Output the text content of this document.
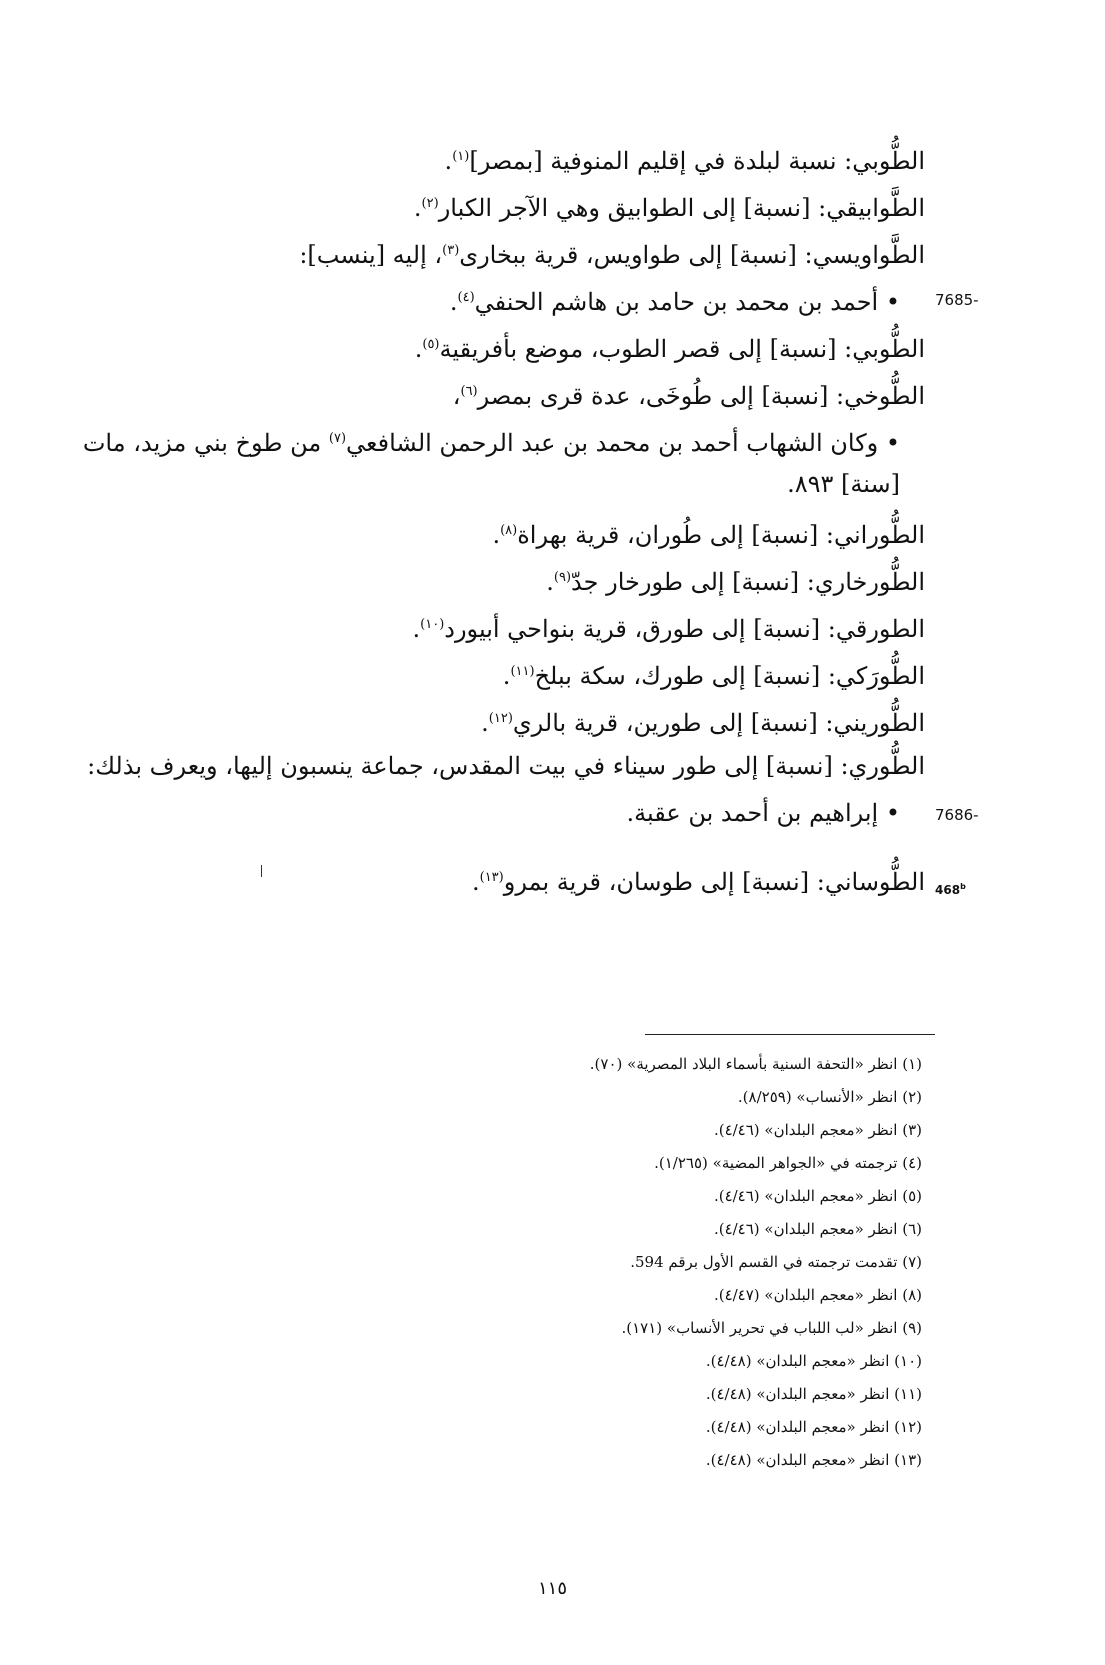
الطُّوبي: نسبة لبلدة في إقليم المنوفية [بمصر]$^{(١)}$.
الطَّوابيقي: [نسبة] إلى الطوابيق وهي الآجر الكبار$^{(٢)}$.
الطَّواويسي: [نسبة] إلى طواويس، قرية ببخارى$^{(٣)}$، إليه [ينسب]:
• أحمد بن محمد بن حامد بن هاشم الحنفي$^{(٤)}$.	7685-
الطُّوبي: [نسبة] إلى قصر الطوب، موضع بأفريقية$^{(٥)}$.
الطُّوخي: [نسبة] إلى طُوخَى، عدة قرى بمصر$^{(٦)}$،
• وكان الشهاب أحمد بن محمد بن عبد الرحمن الشافعي$^{(٧)}$ من طوخ بني مزيد، مات
[سنة] ٨٩٣.
الطُّوراني: [نسبة] إلى طُوران، قرية بهراة$^{(٨)}$.
الطُّورخاري: [نسبة] إلى طورخار جدّ$^{(٩)}$.
الطورقي: [نسبة] إلى طورق، قرية بنواحي أبيورد$^{(١٠)}$.
الطُّورَكي: [نسبة] إلى طورك، سكة ببلخ$^{(١١)}$.
الطُّوريني: [نسبة] إلى طورين، قرية بالري$^{(١٢)}$.
الطُّوري: [نسبة] إلى طور سيناء في بيت المقدس، جماعة ينسبون إليها، ويعرف بذلك:
• إبراهيم بن أحمد بن عقبة. 7686-
468$^b$
الطُّوساني: [نسبة] إلى طوسان، قرية بمرو$^{(١٣)}$.
(١) انظر «التحفة السنية بأسماء البلاد المصرية» (٧٠).
(٢) انظر «الأنساب» (٨/٢٥٩).
(٣) انظر «معجم البلدان» (٤/٤٦).
(٤) ترجمته في «الجواهر المضية» (١/٢٦٥).
(٥) انظر «معجم البلدان» (٤/٤٦).
(٦) انظر «معجم البلدان» (٤/٤٦).
(٧) تقدمت ترجمته في القسم الأول برقم 594.
(٨) انظر «معجم البلدان» (٤/٤٧).
(٩) انظر «لب اللباب في تحرير الأنساب» (١٧١).
(١٠) انظر «معجم البلدان» (٤/٤٨).
(١١) انظر «معجم البلدان» (٤/٤٨).
(١٢) انظر «معجم البلدان» (٤/٤٨).
(١٣) انظر «معجم البلدان» (٤/٤٨).
١١٥
